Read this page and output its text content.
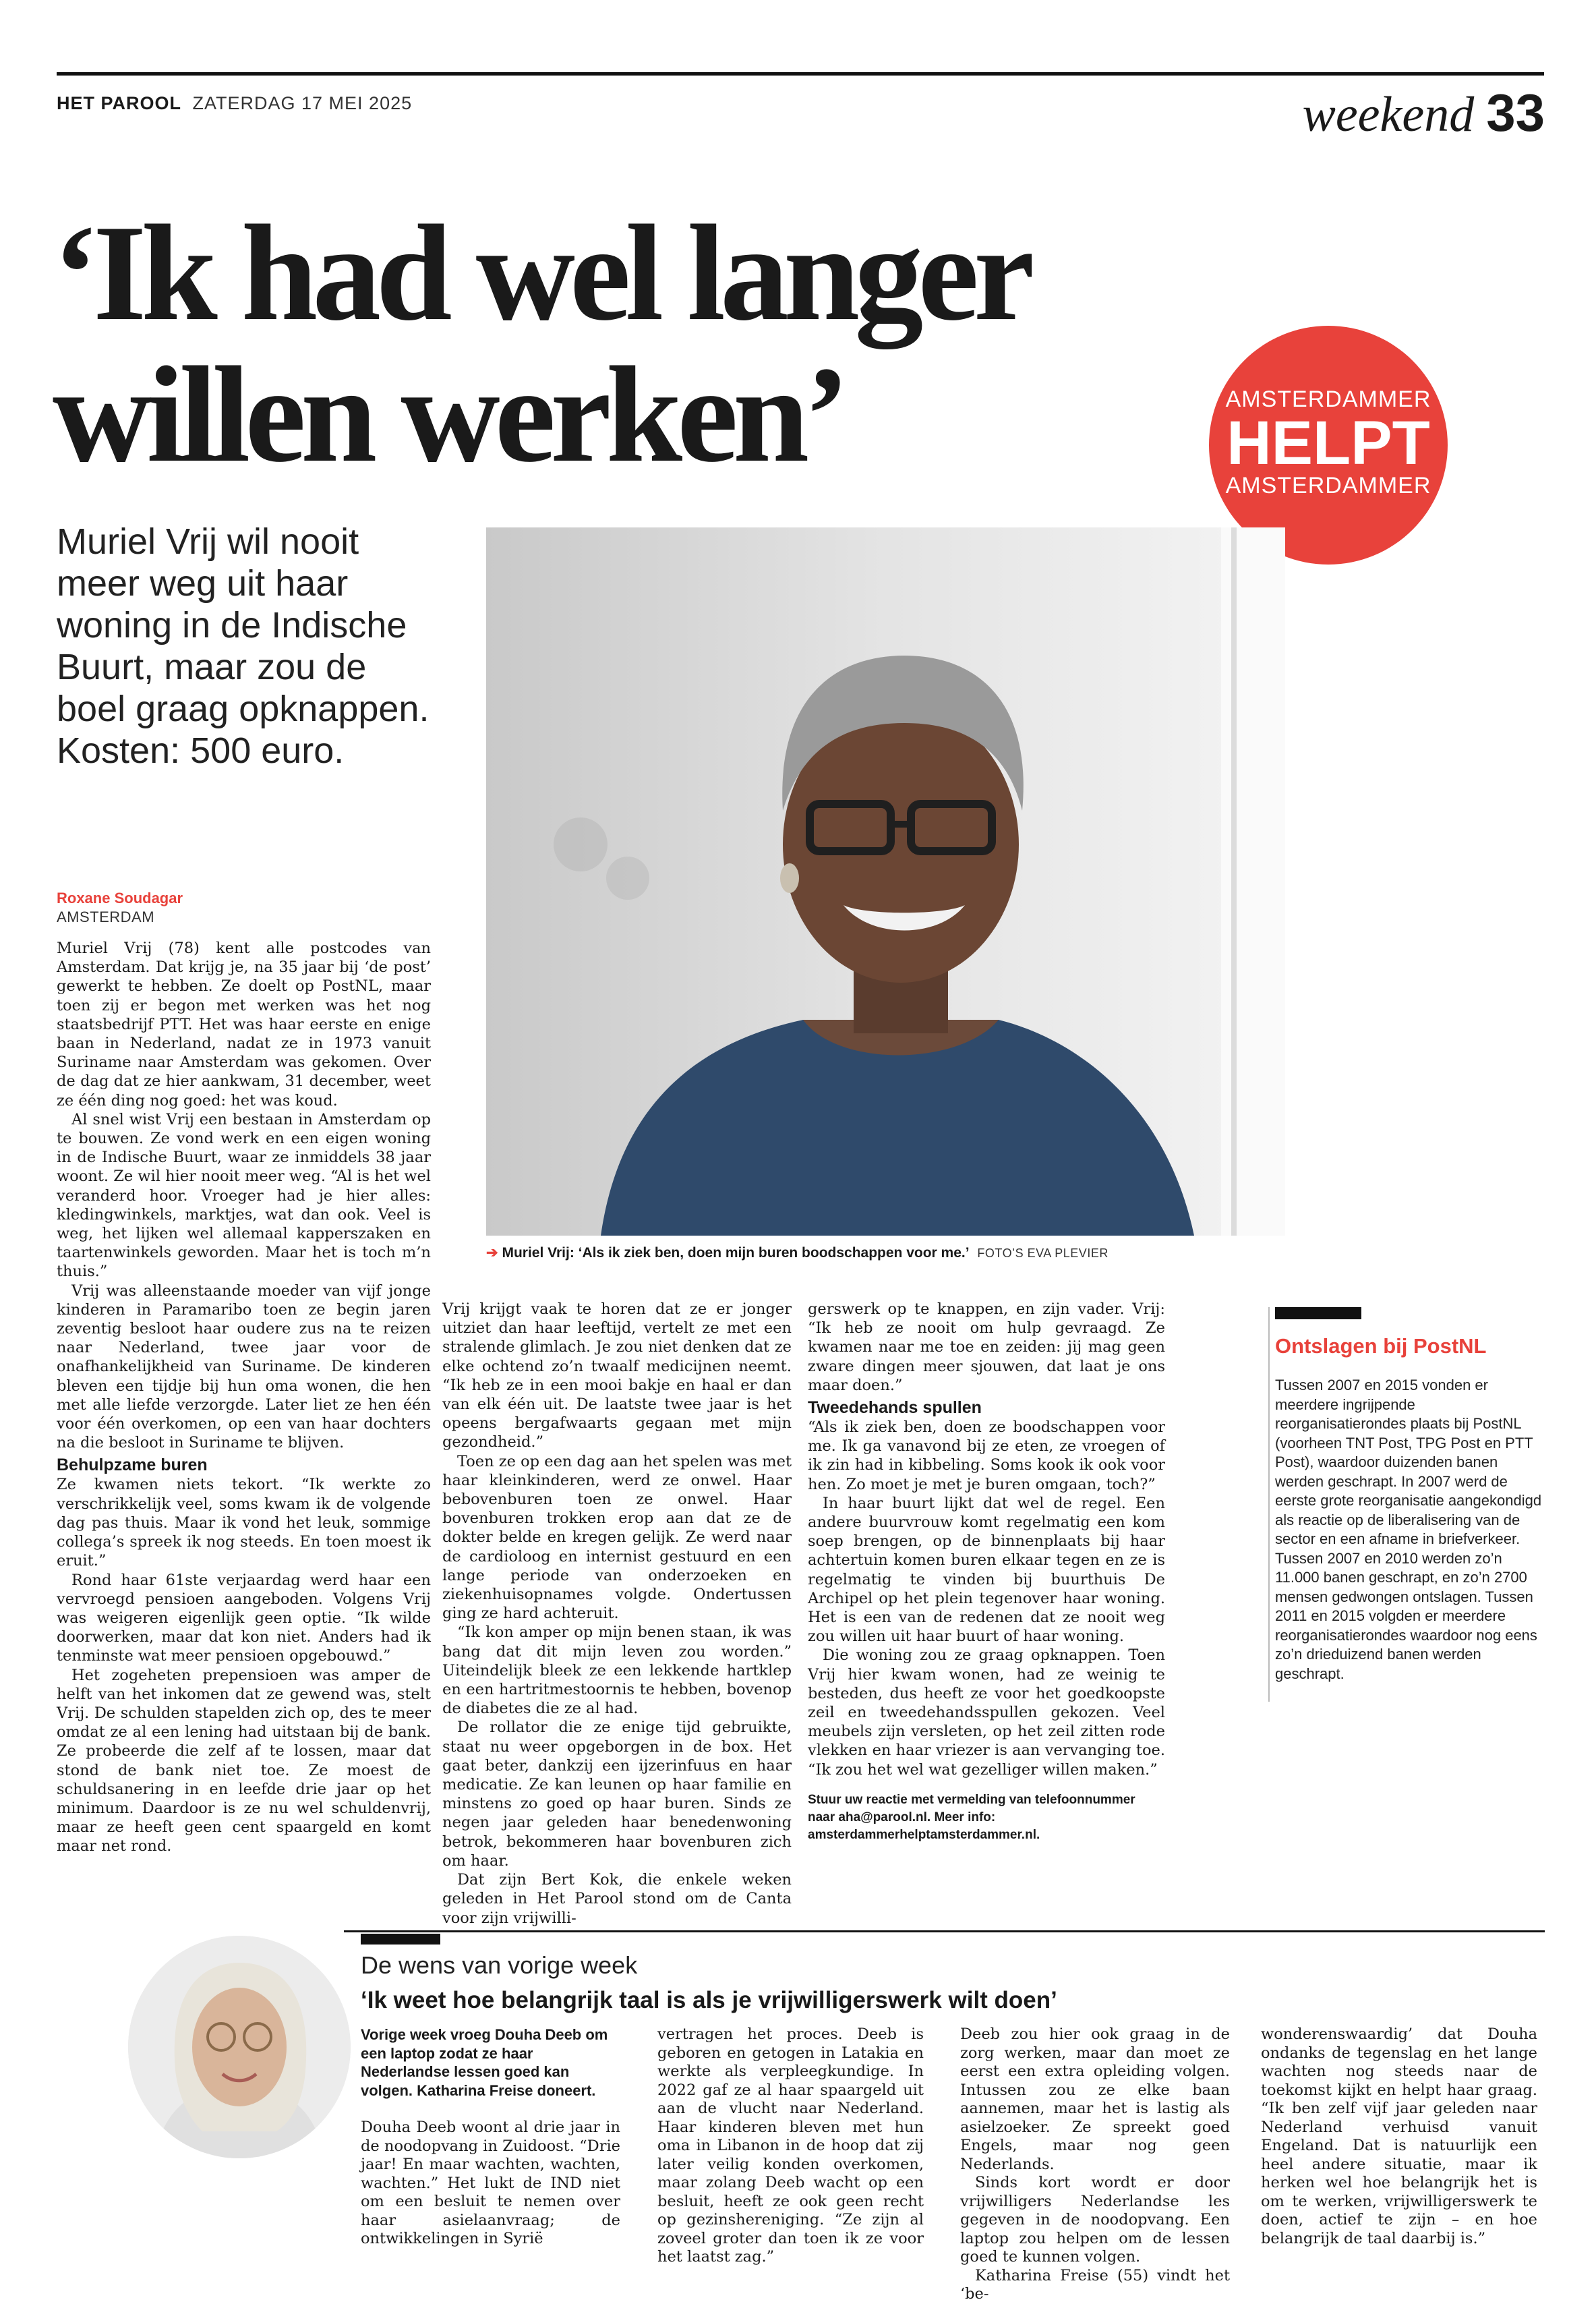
HET PAROOL ZATERDAG 17 MEI 2025	weekend 33
‘Ik had wel langer
willen werken’	AMSTERDAMMER
HELPT
AMSTERDAMMER

Muriel Vrij wil nooit meer weg uit haar woning in de Indische Buurt, maar zou de boel graag opknappen. Kosten: 500 euro.

➔ Muriel Vrij: ‘Als ik ziek ben, doen mijn buren boodschappen voor me.’ FOTO’S EVA PLEVIER
Roxane Soudagar
AMSTERDAM

Muriel Vrij (78) kent alle postcodes van Amsterdam. Dat krijg je, na 35 jaar bij ‘de post’ gewerkt te hebben. Ze doelt op PostNL, maar toen zij er begon met werken was het nog staatsbedrijf PTT. Het was haar eerste en enige baan in Nederland, nadat ze in 1973 vanuit Suriname naar Amsterdam was gekomen. Over de dag dat ze hier aankwam, 31 december, weet ze één ding nog goed: het was koud.

Al snel wist Vrij een bestaan in Amsterdam op te bouwen. Ze vond werk en een eigen woning in de Indische Buurt, waar ze inmiddels 38 jaar woont. Ze wil hier nooit meer weg. “Al is het wel veranderd hoor. Vroeger had je hier alles: kledingwinkels, marktjes, wat dan ook. Veel is weg, het lijken wel allemaal kapperszaken en taartenwinkels geworden. Maar het is toch m’n thuis.”

Vrij was alleenstaande moeder van vijf jonge kinderen in Paramaribo toen ze begin jaren zeventig besloot haar oudere zus na te reizen naar Nederland, twee jaar voor de onafhankelijkheid van Suriname. De kinderen bleven een tijdje bij hun oma wonen, die hen met alle liefde verzorgde. Later liet ze hen één voor één overkomen, op een van haar dochters na die besloot in Suriname te blijven.

Behulpzame buren

Ze kwamen niets tekort. “Ik werkte zo verschrikkelijk veel, soms kwam ik de volgende dag pas thuis. Maar ik vond het leuk, sommige collega’s spreek ik nog steeds. En toen moest ik eruit.”

Rond haar 61ste verjaardag werd haar een vervroegd pensioen aangeboden. Volgens Vrij was weigeren eigenlijk geen optie. “Ik wilde doorwerken, maar dat kon niet. Anders had ik tenminste wat meer pensioen opgebouwd.”

Het zogeheten prepensioen was amper de helft van het inkomen dat ze gewend was, stelt Vrij. De schulden stapelden zich op, des te meer omdat ze al een lening had uitstaan bij de bank. Ze probeerde die zelf af te lossen, maar dat stond de bank niet toe. Ze moest de schuldsanering in en leefde drie jaar op het minimum. Daardoor is ze nu wel schuldenvrij, maar ze heeft geen cent spaargeld en komt maar net rond.

Vrij krijgt vaak te horen dat ze er jonger uitziet dan haar leeftijd, vertelt ze met een stralende glimlach. Je zou niet denken dat ze elke ochtend zo’n twaalf medicijnen neemt. “Ik heb ze in een mooi bakje en haal er dan van elk één uit. De laatste twee jaar is het opeens bergafwaarts gegaan met mijn gezondheid.”

Toen ze op een dag aan het spelen was met haar kleinkinderen, werd ze onwel. Haar bebovenburen toen ze onwel. Haar bovenburen trokken erop aan dat ze de dokter belde en kregen gelijk. Ze werd naar de cardioloog en internist gestuurd en een lange periode van onderzoeken en ziekenhuisopnames volgde. Ondertussen ging ze hard achteruit.

“Ik kon amper op mijn benen staan, ik was bang dat dit mijn leven zou worden.” Uiteindelijk bleek ze een lekkende hartklep en een hartritmestoornis te hebben, bovenop de diabetes die ze al had.

De rollator die ze enige tijd gebruikte, staat nu weer opgeborgen in de box. Het gaat beter, dankzij een ijzerinfuus en haar medicatie. Ze kan leunen op haar familie en minstens zo goed op haar buren. Sinds ze negen jaar geleden haar benedenwoning betrok, bekommeren haar bovenburen zich om haar.

Dat zijn Bert Kok, die enkele weken geleden in Het Parool stond om de Canta voor zijn vrijwilli-

gerswerk op te knappen, en zijn vader. Vrij: “Ik heb ze nooit om hulp gevraagd. Ze kwamen naar me toe en zeiden: jij mag geen zware dingen meer sjouwen, dat laat je ons maar doen.”

Tweedehands spullen

“Als ik ziek ben, doen ze boodschappen voor me. Ik ga vanavond bij ze eten, ze vroegen of ik zin had in kibbeling. Soms kook ik ook voor hen. Zo moet je met je buren omgaan, toch?”

In haar buurt lijkt dat wel de regel. Een andere buurvrouw komt regelmatig een kom soep brengen, op de binnenplaats bij haar achtertuin komen buren elkaar tegen en ze is regelmatig te vinden bij buurthuis De Archipel op het plein tegenover haar woning. Het is een van de redenen dat ze nooit weg zou willen uit haar buurt of haar woning.

Die woning zou ze graag opknappen. Toen Vrij hier kwam wonen, had ze weinig te besteden, dus heeft ze voor het goedkoopste zeil en tweedehandsspullen gekozen. Veel meubels zijn versleten, op het zeil zitten rode vlekken en haar vriezer is aan vervanging toe. “Ik zou het wel wat gezelliger willen maken.”

Stuur uw reactie met vermelding van telefoonnummer naar aha@parool.nl. Meer info: amsterdammerhelptamsterdammer.nl.

Ontslagen bij PostNL

Tussen 2007 en 2015 vonden er meerdere ingrijpende reorganisatierondes plaats bij PostNL (voorheen TNT Post, TPG Post en PTT Post), waardoor duizenden banen werden geschrapt. In 2007 werd de eerste grote reorganisatie aangekondigd als reactie op de liberalisering van de sector en een afname in briefverkeer. Tussen 2007 en 2010 werden zo’n 11.000 banen geschrapt, en zo’n 2700 mensen gedwongen ontslagen. Tussen 2011 en 2015 volgden er meerdere reorganisatierondes waardoor nog eens zo’n drieduizend banen werden geschrapt.

De wens van vorige week
‘Ik weet hoe belangrijk taal is als je vrijwilligerswerk wilt doen’

Vorige week vroeg Douha Deeb om een laptop zodat ze haar Nederlandse lessen goed kan volgen. Katharina Freise doneert.

Douha Deeb woont al drie jaar in de noodopvang in Zuidoost. “Drie jaar! En maar wachten, wachten, wachten.” Het lukt de IND niet om een besluit te nemen over haar asielaanvraag; de ontwikkelingen in Syrië

vertragen het proces. Deeb is geboren en getogen in Latakia en werkte als verpleegkundige. In 2022 gaf ze al haar spaargeld uit aan de vlucht naar Nederland. Haar kinderen bleven met hun oma in Libanon in de hoop dat zij later veilig konden overkomen, maar zolang Deeb wacht op een besluit, heeft ze ook geen recht op gezinshereniging. “Ze zijn al zoveel groter dan toen ik ze voor het laatst zag.”

Deeb zou hier ook graag in de zorg werken, maar dan moet ze eerst een extra opleiding volgen. Intussen zou ze elke baan aannemen, maar het is lastig als asielzoeker. Ze spreekt goed Engels, maar nog geen Nederlands.

Sinds kort wordt er door vrijwilligers Nederlandse les gegeven in de noodopvang. Een laptop zou helpen om de lessen goed te kunnen volgen.

Katharina Freise (55) vindt het ‘be-

wonderenswaardig’ dat Douha ondanks de tegenslag en het lange wachten nog steeds naar de toekomst kijkt en helpt haar graag. “Ik ben zelf vijf jaar geleden naar Nederland verhuisd vanuit Engeland. Dat is natuurlijk een heel andere situatie, maar ik herken wel hoe belangrijk het is om te werken, vrijwilligerswerk te doen, actief te zijn – en hoe belangrijk de taal daarbij is.”
